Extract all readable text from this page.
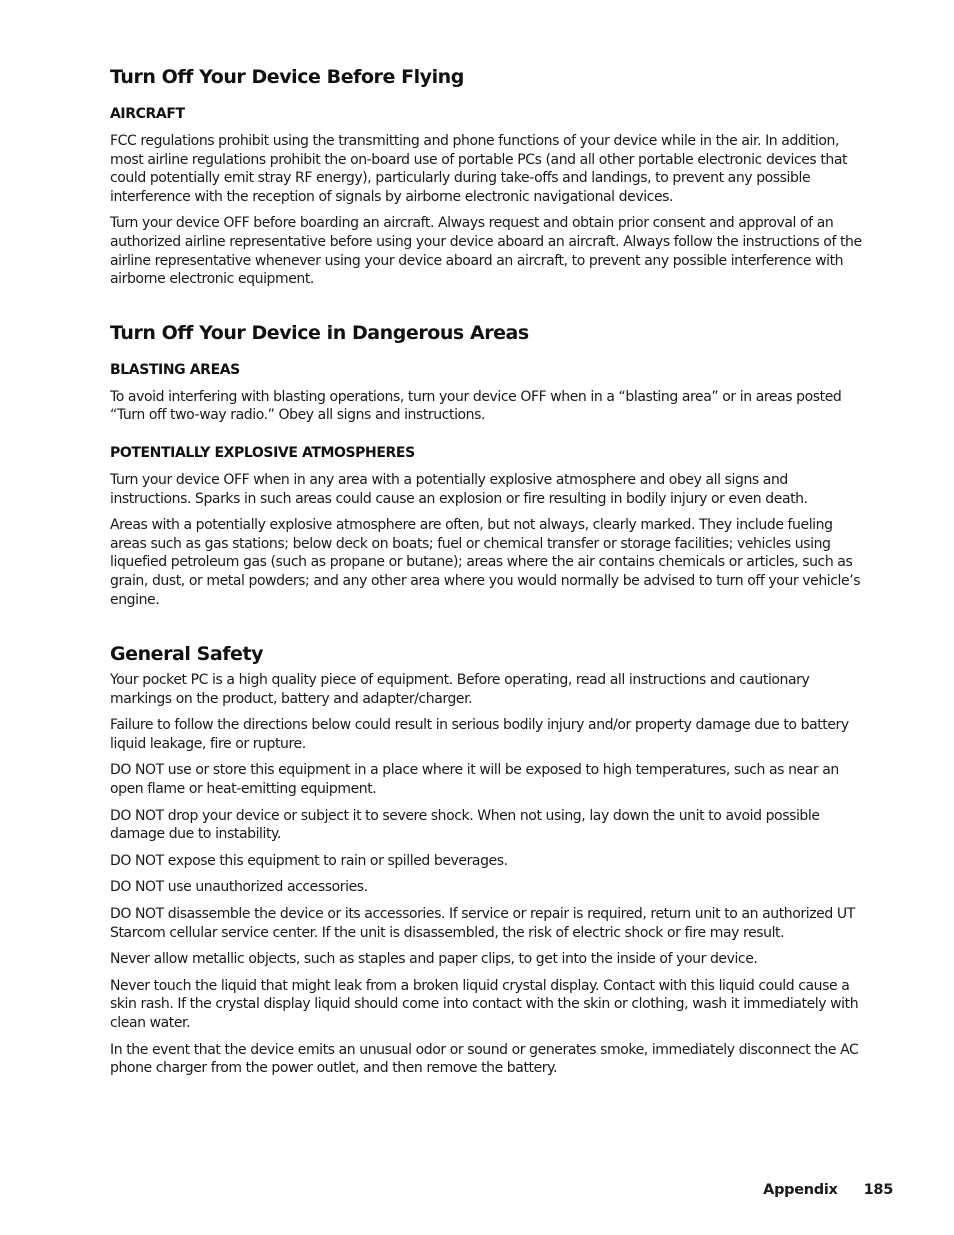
Turn Off Your Device Before Flying
AIRCRAFT

FCC regulations prohibit using the transmitting and phone functions of your device while in the air. In addition, most airline regulations prohibit the on-board use of portable PCs (and all other portable electronic devices that could potentially emit stray RF energy), particularly during take-offs and landings, to prevent any possible interference with the reception of signals by airborne electronic navigational devices.

Turn your device OFF before boarding an aircraft. Always request and obtain prior consent and approval of an authorized airline representative before using your device aboard an aircraft. Always follow the instructions of the airline representative whenever using your device aboard an aircraft, to prevent any possible interference with airborne electronic equipment.

Turn Off Your Device in Dangerous Areas
BLASTING AREAS

To avoid interfering with blasting operations, turn your device OFF when in a “blasting area” or in areas posted “Turn off two-way radio.” Obey all signs and instructions.

POTENTIALLY EXPLOSIVE ATMOSPHERES

Turn your device OFF when in any area with a potentially explosive atmosphere and obey all signs and instructions. Sparks in such areas could cause an explosion or fire resulting in bodily injury or even death.

Areas with a potentially explosive atmosphere are often, but not always, clearly marked. They include fueling areas such as gas stations; below deck on boats; fuel or chemical transfer or storage facilities; vehicles using liquefied petroleum gas (such as propane or butane); areas where the air contains chemicals or articles, such as grain, dust, or metal powders; and any other area where you would normally be advised to turn off your vehicle’s engine.

General Safety

Your pocket PC is a high quality piece of equipment. Before operating, read all instructions and cautionary markings on the product, battery and adapter/charger.

Failure to follow the directions below could result in serious bodily injury and/or property damage due to battery liquid leakage, fire or rupture.

DO NOT use or store this equipment in a place where it will be exposed to high temperatures, such as near an open flame or heat-emitting equipment.

DO NOT drop your device or subject it to severe shock. When not using, lay down the unit to avoid possible damage due to instability.

DO NOT expose this equipment to rain or spilled beverages.

DO NOT use unauthorized accessories.

DO NOT disassemble the device or its accessories. If service or repair is required, return unit to an authorized UT Starcom cellular service center. If the unit is disassembled, the risk of electric shock or fire may result.

Never allow metallic objects, such as staples and paper clips, to get into the inside of your device.

Never touch the liquid that might leak from a broken liquid crystal display. Contact with this liquid could cause a skin rash. If the crystal display liquid should come into contact with the skin or clothing, wash it immediately with clean water.

In the event that the device emits an unusual odor or sound or generates smoke, immediately disconnect the AC phone charger from the power outlet, and then remove the battery.

Appendix 185
